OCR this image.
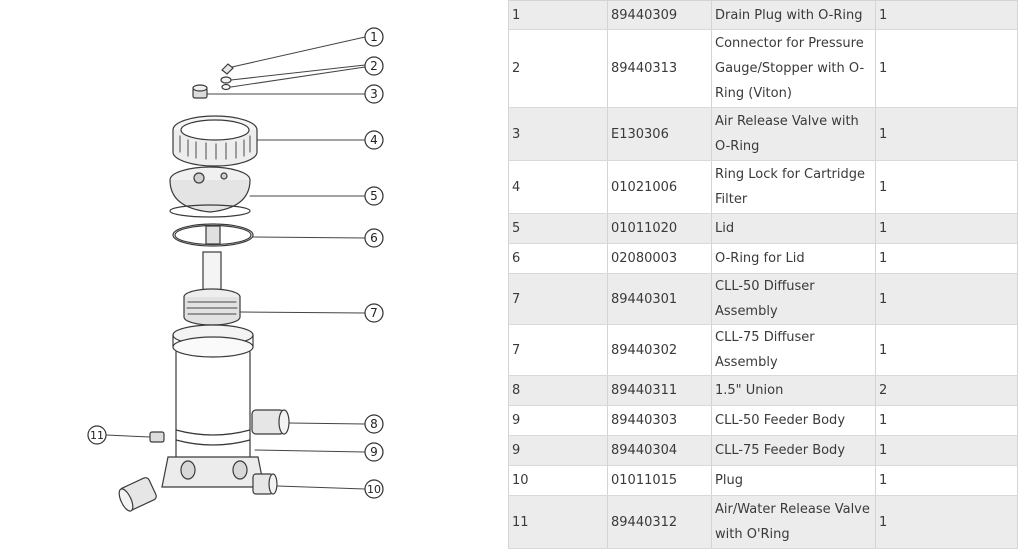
1
2
3
4
5
6
7
8
9
10
11
1	89440309	Drain Plug with O-Ring	1
2	89440313	Connector for Pressure Gauge/Stopper with O-Ring (Viton)	1
3	E130306	Air Release Valve with O-Ring	1
4	01021006	Ring Lock for Cartridge Filter	1
5	01011020	Lid	1
6	02080003	O-Ring for Lid	1
7	89440301	CLL-50 Diffuser Assembly	1
7	89440302	CLL-75 Diffuser Assembly	1
8	89440311	1.5" Union	2
9	89440303	CLL-50 Feeder Body	1
9	89440304	CLL-75 Feeder Body	1
10	01011015	Plug	1
11	89440312	Air/Water Release Valve with O'Ring	1
